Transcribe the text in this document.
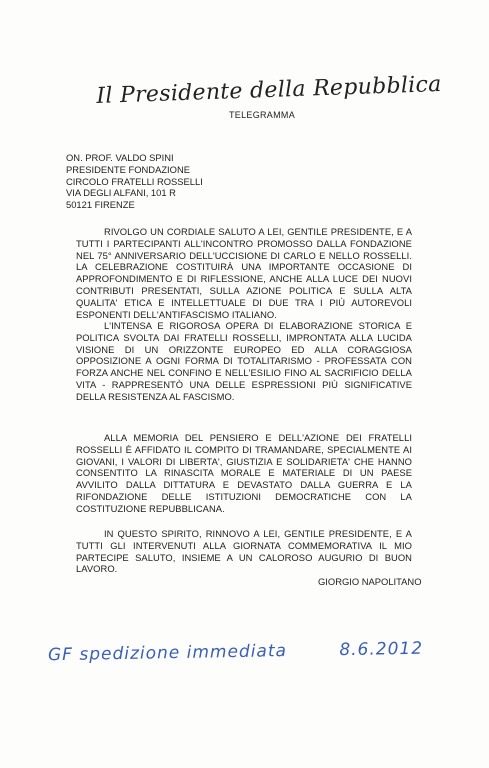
Il Presidente della Repubblica
TELEGRAMMA
ON. PROF. VALDO SPINI
PRESIDENTE FONDAZIONE
CIRCOLO FRATELLI ROSSELLI
VIA DEGLI ALFANI, 101 R
50121 FIRENZE

RIVOLGO UN CORDIALE SALUTO A LEI, GENTILE PRESIDENTE, E A TUTTI I PARTECIPANTI ALL'INCONTRO PROMOSSO DALLA FONDAZIONE NEL 75° ANNIVERSARIO DELL'UCCISIONE DI CARLO E NELLO ROSSELLI. LA CELEBRAZIONE COSTITUIRÀ UNA IMPORTANTE OCCASIONE DI APPROFONDIMENTO E DI RIFLESSIONE, ANCHE ALLA LUCE DEI NUOVI CONTRIBUTI PRESENTATI, SULLA AZIONE POLITICA E SULLA ALTA QUALITA' ETICA E INTELLETTUALE DI DUE TRA I PIÙ AUTOREVOLI ESPONENTI DELL'ANTIFASCISMO ITALIANO.

L'INTENSA E RIGOROSA OPERA DI ELABORAZIONE STORICA E POLITICA SVOLTA DAI FRATELLI ROSSELLI, IMPRONTATA ALLA LUCIDA VISIONE DI UN ORIZZONTE EUROPEO ED ALLA CORAGGIOSA OPPOSIZIONE A OGNI FORMA DI TOTALITARISMO - PROFESSATA CON FORZA ANCHE NEL CONFINO E NELL'ESILIO FINO AL SACRIFICIO DELLA VITA - RAPPRESENTÒ UNA DELLE ESPRESSIONI PIÙ SIGNIFICATIVE DELLA RESISTENZA AL FASCISMO.

ALLA MEMORIA DEL PENSIERO E DELL'AZIONE DEI FRATELLI ROSSELLI È AFFIDATO IL COMPITO DI TRAMANDARE, SPECIALMENTE AI GIOVANI, I VALORI DI LIBERTA', GIUSTIZIA E SOLIDARIETA' CHE HANNO CONSENTITO LA RINASCITA MORALE E MATERIALE DI UN PAESE AVVILITO DALLA DITTATURA E DEVASTATO DALLA GUERRA E LA RIFONDAZIONE DELLE ISTITUZIONI DEMOCRATICHE CON LA COSTITUZIONE REPUBBLICANA.

IN QUESTO SPIRITO, RINNOVO A LEI, GENTILE PRESIDENTE, E A TUTTI GLI INTERVENUTI ALLA GIORNATA COMMEMORATIVA IL MIO PARTECIPE SALUTO, INSIEME A UN CALOROSO AUGURIO DI BUON LAVORO.

GIORGIO NAPOLITANO
GF spedizione immediata	8.6.2012
